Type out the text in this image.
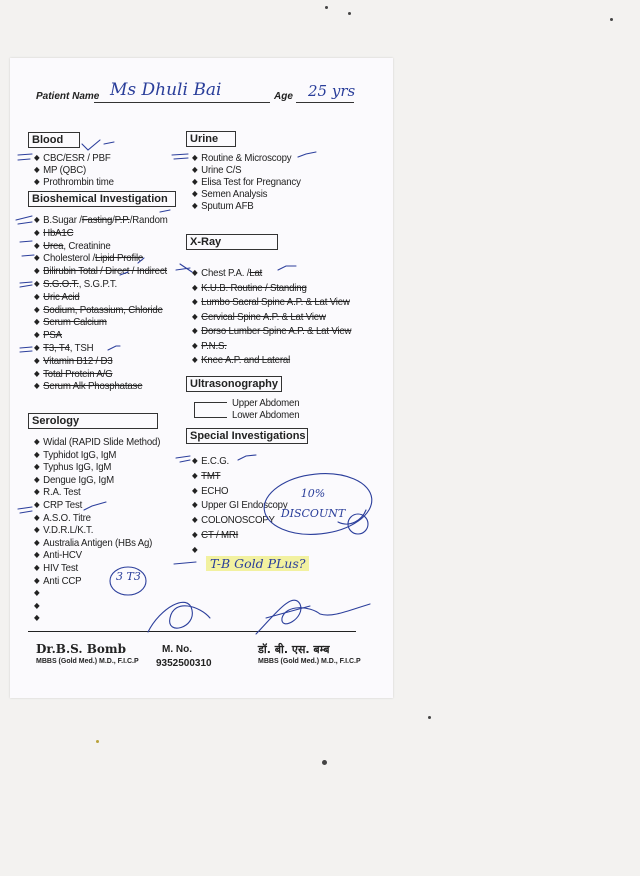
Patient Name Ms Dhuli Bai	Age 25 yrs
Blood
◆ CBC/ESR / PBF
◆ MP (QBC)
◆ Prothrombin time
Bioshemical Investigation
◆ B.Sugar / Fasting / P.P. /Random
◆ HbA1C
◆ Urea , Creatinine
◆ Cholesterol / Lipid Profile
◆ Bilirubin Total / Direct / Indirect
◆ S.G.O.T. , S.G.P.T.
◆ Uric Acid
◆ Sodium, Potassium, Chloride
◆ Serum Calcium
◆ PSA
◆ T3, T4 , TSH
◆ Vitamin B12 / D3
◆ Total Protein A/G
◆ Serum Alk Phosphatase
Serology
◆ Widal (RAPID Slide Method)
◆ Typhidot IgG, IgM
◆ Typhus IgG, IgM
◆ Dengue IgG, IgM
◆ R.A. Test
◆ CRP Test
◆ A.S.O. Titre
◆ V.D.R.L/K.T.
◆ Australia Antigen (HBs Ag)
◆ Anti-HCV
◆ HIV Test
◆ Anti CCP
◆
◆
◆
Urine
◆ Routine & Microscopy
◆ Urine C/S
◆ Elisa Test for Pregnancy
◆ Semen Analysis
◆ Sputum AFB
X-Ray
◆ Chest P.A. / Lat
◆ K.U.B. Routine / Standing
◆ Lumbo Sacral Spine A.P. & Lat View
◆ Cervical Spine A.P. & Lat View
◆ Dorso Lumber Spine A.P. & Lat View
◆ P.N.S.
◆ Knee A.P. and Lateral
Ultrasonography
Upper Abdomen
Lower Abdomen
Special Investigations
◆ E.C.G.
◆ TMT
◆ ECHO
◆ Upper GI Endoscopy
◆ COLONOSCOPY
◆ CT / MRI
◆
T-B Gold PLus?
10% DISCOUNT
3 T3
Dr.B.S. Bomb
MBBS (Gold Med.) M.D., F.I.C.P
M. No.
9352500310
डॉ. बी. एस. बम्ब
MBBS (Gold Med.) M.D., F.I.C.P
